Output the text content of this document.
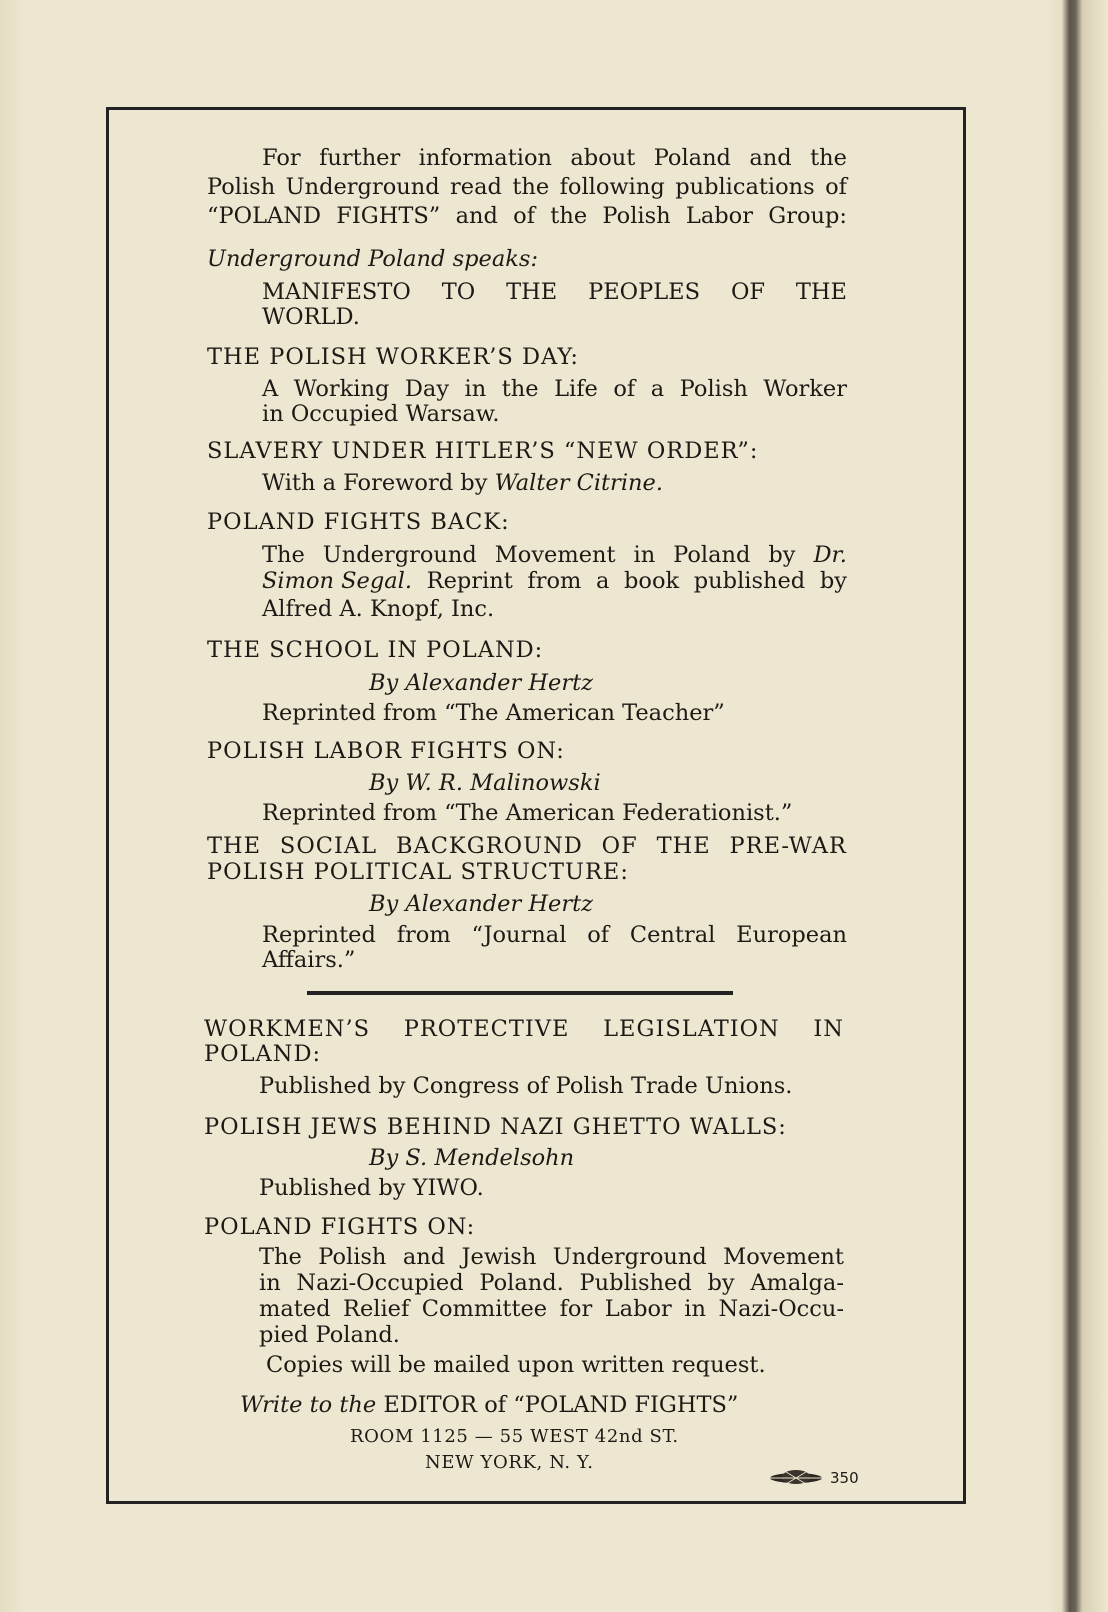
For further information about Poland and the
Polish Underground read the following publications of
“POLAND FIGHTS” and of the Polish Labor Group:
Underground Poland speaks:
MANIFESTO TO THE PEOPLES OF THE
WORLD.
THE POLISH WORKER’S DAY:
A Working Day in the Life of a Polish Worker
in Occupied Warsaw.
SLAVERY UNDER HITLER’S “NEW ORDER”:
With a Foreword by Walter Citrine.
POLAND FIGHTS BACK:
The Underground Movement in Poland by Dr.
Simon Segal. Reprint from a book published by
Alfred A. Knopf, Inc.
THE SCHOOL IN POLAND:
By Alexander Hertz
Reprinted from “The American Teacher”
POLISH LABOR FIGHTS ON:
By W. R. Malinowski
Reprinted from “The American Federationist.”
THE SOCIAL BACKGROUND OF THE PRE-WAR
POLISH POLITICAL STRUCTURE:
By Alexander Hertz
Reprinted from “Journal of Central European
Affairs.”
WORKMEN’S PROTECTIVE LEGISLATION IN
POLAND:
Published by Congress of Polish Trade Unions.
POLISH JEWS BEHIND NAZI GHETTO WALLS:
By S. Mendelsohn
Published by YIWO.
POLAND FIGHTS ON:
The Polish and Jewish Underground Movement
in Nazi-Occupied Poland. Published by Amalga-
mated Relief Committee for Labor in Nazi-Occu-
pied Poland.
Copies will be mailed upon written request.
Write to the EDITOR of “POLAND FIGHTS”
ROOM 1125 — 55 WEST 42nd ST.
NEW YORK, N. Y.
350
